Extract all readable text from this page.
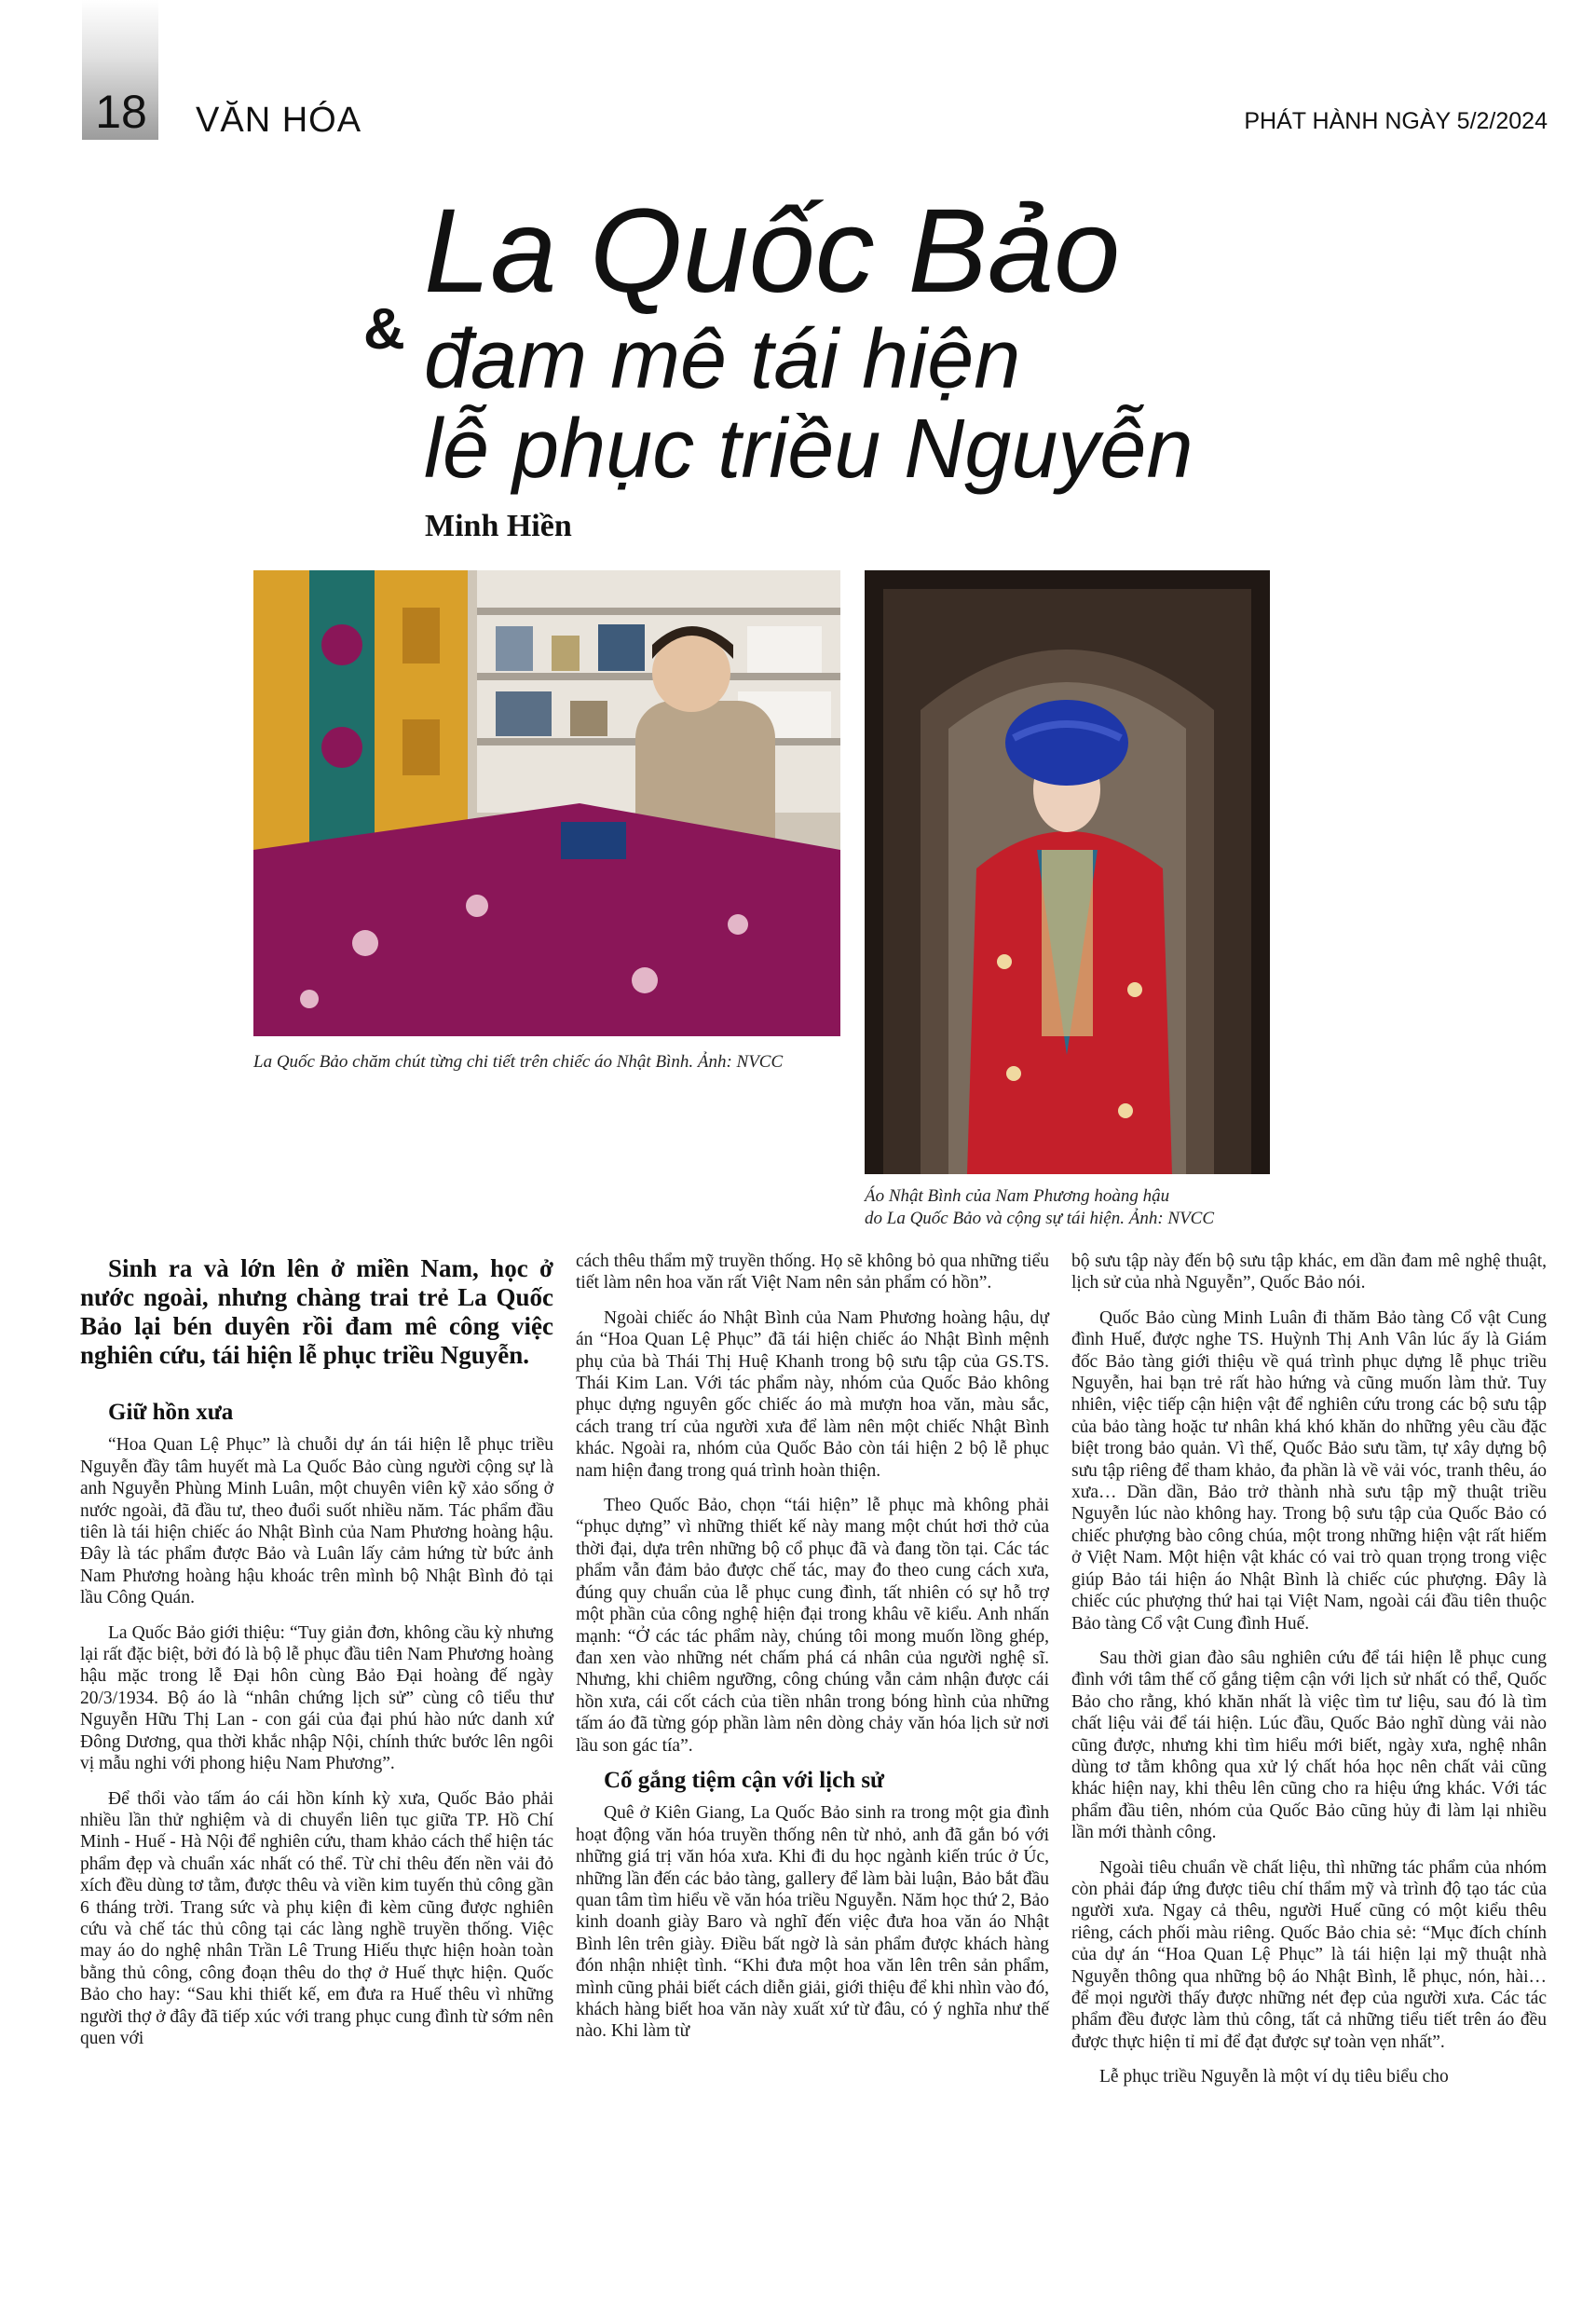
18 VĂN HÓA	PHÁT HÀNH NGÀY 5/2/2024
La Quốc Bảo
& đam mê tái hiện
lễ phục triều Nguyễn
Minh Hiền
La Quốc Bảo chăm chút từng chi tiết trên chiếc áo Nhật Bình. Ảnh: NVCC
Áo Nhật Bình của Nam Phương hoàng hậu
do La Quốc Bảo và cộng sự tái hiện. Ảnh: NVCC
Sinh ra và lớn lên ở miền Nam, học ở nước ngoài, nhưng chàng trai trẻ La Quốc Bảo lại bén duyên rồi đam mê công việc nghiên cứu, tái hiện lễ phục triều Nguyễn.
Giữ hồn xưa

“Hoa Quan Lệ Phục” là chuỗi dự án tái hiện lễ phục triều Nguyễn đầy tâm huyết mà La Quốc Bảo cùng người cộng sự là anh Nguyễn Phùng Minh Luân, một chuyên viên kỹ xảo sống ở nước ngoài, đã đầu tư, theo đuổi suốt nhiều năm. Tác phẩm đầu tiên là tái hiện chiếc áo Nhật Bình của Nam Phương hoàng hậu. Đây là tác phẩm được Bảo và Luân lấy cảm hứng từ bức ảnh Nam Phương hoàng hậu khoác trên mình bộ Nhật Bình đỏ tại lầu Công Quán.

La Quốc Bảo giới thiệu: “Tuy giản đơn, không cầu kỳ nhưng lại rất đặc biệt, bởi đó là bộ lễ phục đầu tiên Nam Phương hoàng hậu mặc trong lễ Đại hôn cùng Bảo Đại hoàng đế ngày 20/3/1934. Bộ áo là “nhân chứng lịch sử” cùng cô tiểu thư Nguyễn Hữu Thị Lan - con gái của đại phú hào nức danh xứ Đông Dương, qua thời khắc nhập Nội, chính thức bước lên ngôi vị mẫu nghi với phong hiệu Nam Phương”.

Để thổi vào tấm áo cái hồn kính kỳ xưa, Quốc Bảo phải nhiều lần thử nghiệm và di chuyển liên tục giữa TP. Hồ Chí Minh - Huế - Hà Nội để nghiên cứu, tham khảo cách thể hiện tác phẩm đẹp và chuẩn xác nhất có thể. Từ chỉ thêu đến nền vải đỏ xích đều dùng tơ tằm, được thêu và viền kim tuyến thủ công gần 6 tháng trời. Trang sức và phụ kiện đi kèm cũng được nghiên cứu và chế tác thủ công tại các làng nghề truyền thống. Việc may áo do nghệ nhân Trần Lê Trung Hiếu thực hiện hoàn toàn bằng thủ công, công đoạn thêu do thợ ở Huế thực hiện. Quốc Bảo cho hay: “Sau khi thiết kế, em đưa ra Huế thêu vì những người thợ ở đây đã tiếp xúc với trang phục cung đình từ sớm nên quen với

cách thêu thẩm mỹ truyền thống. Họ sẽ không bỏ qua những tiểu tiết làm nên hoa văn rất Việt Nam nên sản phẩm có hồn”.

Ngoài chiếc áo Nhật Bình của Nam Phương hoàng hậu, dự án “Hoa Quan Lệ Phục” đã tái hiện chiếc áo Nhật Bình mệnh phụ của bà Thái Thị Huệ Khanh trong bộ sưu tập của GS.TS. Thái Kim Lan. Với tác phẩm này, nhóm của Quốc Bảo không phục dựng nguyên gốc chiếc áo mà mượn hoa văn, màu sắc, cách trang trí của người xưa để làm nên một chiếc Nhật Bình khác. Ngoài ra, nhóm của Quốc Bảo còn tái hiện 2 bộ lễ phục nam hiện đang trong quá trình hoàn thiện.

Theo Quốc Bảo, chọn “tái hiện” lễ phục mà không phải “phục dựng” vì những thiết kế này mang một chút hơi thở của thời đại, dựa trên những bộ cổ phục đã và đang tồn tại. Các tác phẩm vẫn đảm bảo được chế tác, may đo theo cung cách xưa, đúng quy chuẩn của lễ phục cung đình, tất nhiên có sự hỗ trợ một phần của công nghệ hiện đại trong khâu vẽ kiểu. Anh nhấn mạnh: “Ở các tác phẩm này, chúng tôi mong muốn lồng ghép, đan xen vào những nét chấm phá cá nhân của người nghệ sĩ. Nhưng, khi chiêm ngưỡng, công chúng vẫn cảm nhận được cái hồn xưa, cái cốt cách của tiền nhân trong bóng hình của những tấm áo đã từng góp phần làm nên dòng chảy văn hóa lịch sử nơi lầu son gác tía”.

Cố gắng tiệm cận với lịch sử

Quê ở Kiên Giang, La Quốc Bảo sinh ra trong một gia đình hoạt động văn hóa truyền thống nên từ nhỏ, anh đã gắn bó với những giá trị văn hóa xưa. Khi đi du học ngành kiến trúc ở Úc, những lần đến các bảo tàng, gallery để làm bài luận, Bảo bắt đầu quan tâm tìm hiểu về văn hóa triều Nguyễn. Năm học thứ 2, Bảo kinh doanh giày Baro và nghĩ đến việc đưa hoa văn áo Nhật Bình lên trên giày. Điều bất ngờ là sản phẩm được khách hàng đón nhận nhiệt tình. “Khi đưa một hoa văn lên trên sản phẩm, mình cũng phải biết cách diễn giải, giới thiệu để khi nhìn vào đó, khách hàng biết hoa văn này xuất xứ từ đâu, có ý nghĩa như thế nào. Khi làm từ

bộ sưu tập này đến bộ sưu tập khác, em dần đam mê nghệ thuật, lịch sử của nhà Nguyễn”, Quốc Bảo nói.

Quốc Bảo cùng Minh Luân đi thăm Bảo tàng Cổ vật Cung đình Huế, được nghe TS. Huỳnh Thị Anh Vân lúc ấy là Giám đốc Bảo tàng giới thiệu về quá trình phục dựng lễ phục triều Nguyễn, hai bạn trẻ rất hào hứng và cũng muốn làm thử. Tuy nhiên, việc tiếp cận hiện vật để nghiên cứu trong các bộ sưu tập của bảo tàng hoặc tư nhân khá khó khăn do những yêu cầu đặc biệt trong bảo quản. Vì thế, Quốc Bảo sưu tầm, tự xây dựng bộ sưu tập riêng để tham khảo, đa phần là về vải vóc, tranh thêu, áo xưa… Dần dần, Bảo trở thành nhà sưu tập mỹ thuật triều Nguyễn lúc nào không hay. Trong bộ sưu tập của Quốc Bảo có chiếc phượng bào công chúa, một trong những hiện vật rất hiếm ở Việt Nam. Một hiện vật khác có vai trò quan trọng trong việc giúp Bảo tái hiện áo Nhật Bình là chiếc cúc phượng. Đây là chiếc cúc phượng thứ hai tại Việt Nam, ngoài cái đầu tiên thuộc Bảo tàng Cổ vật Cung đình Huế.

Sau thời gian đào sâu nghiên cứu để tái hiện lễ phục cung đình với tâm thế cố gắng tiệm cận với lịch sử nhất có thể, Quốc Bảo cho rằng, khó khăn nhất là việc tìm tư liệu, sau đó là tìm chất liệu vải để tái hiện. Lúc đầu, Quốc Bảo nghĩ dùng vải nào cũng được, nhưng khi tìm hiểu mới biết, ngày xưa, nghệ nhân dùng tơ tằm không qua xử lý chất hóa học nên chất vải cũng khác hiện nay, khi thêu lên cũng cho ra hiệu ứng khác. Với tác phẩm đầu tiên, nhóm của Quốc Bảo cũng hủy đi làm lại nhiều lần mới thành công.

Ngoài tiêu chuẩn về chất liệu, thì những tác phẩm của nhóm còn phải đáp ứng được tiêu chí thẩm mỹ và trình độ tạo tác của người xưa. Ngay cả thêu, người Huế cũng có một kiểu thêu riêng, cách phối màu riêng. Quốc Bảo chia sẻ: “Mục đích chính của dự án “Hoa Quan Lệ Phục” là tái hiện lại mỹ thuật nhà Nguyễn thông qua những bộ áo Nhật Bình, lễ phục, nón, hài… để mọi người thấy được những nét đẹp của người xưa. Các tác phẩm đều được làm thủ công, tất cả những tiểu tiết trên áo đều được thực hiện tỉ mỉ để đạt được sự toàn vẹn nhất”.

Lễ phục triều Nguyễn là một ví dụ tiêu biểu cho
